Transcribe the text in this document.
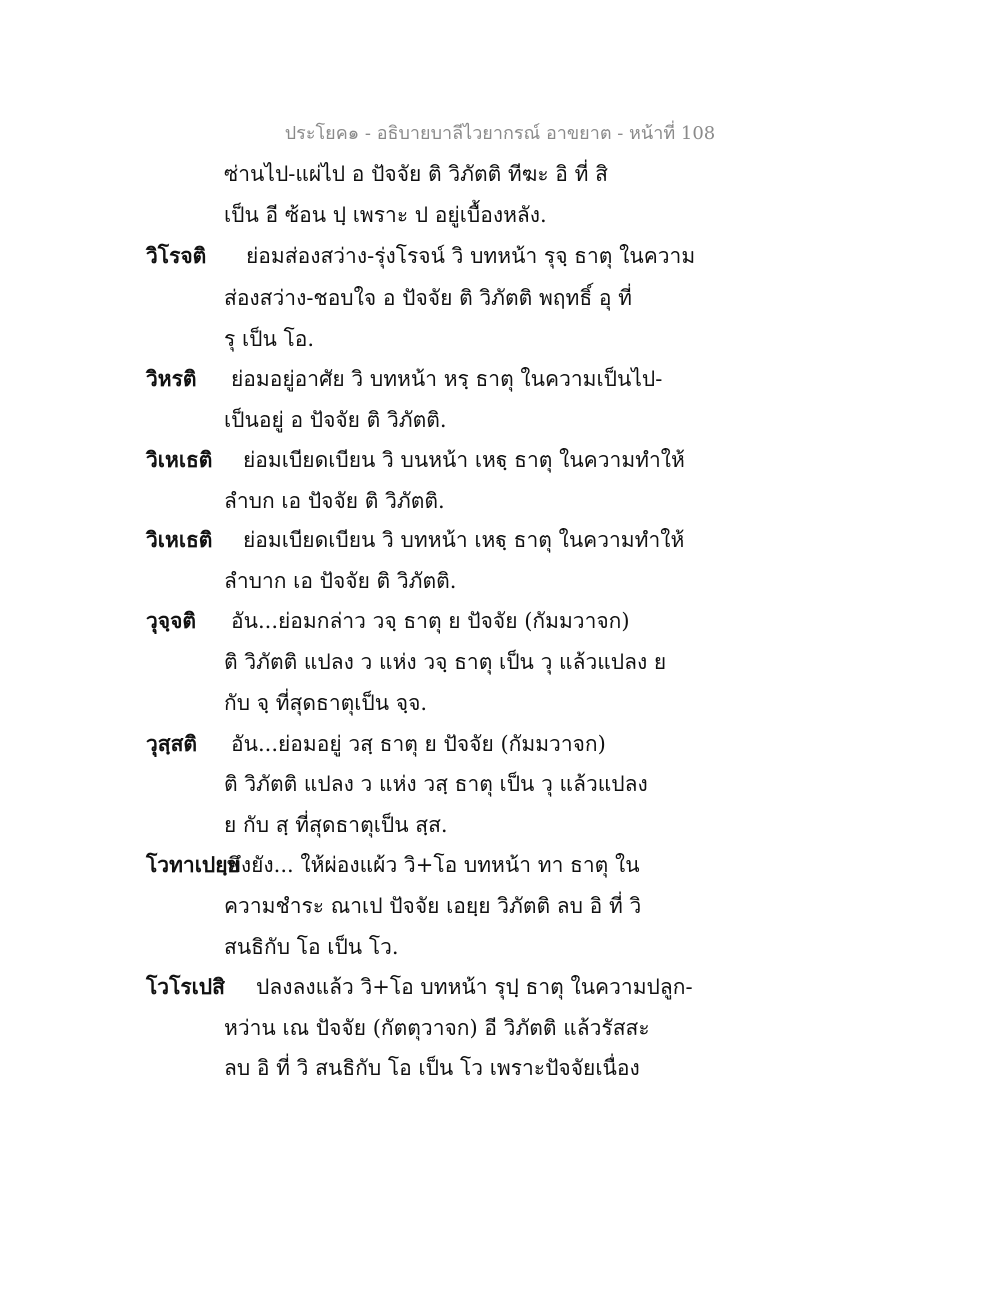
ประโยค๑ - อธิบายบาลีไวยากรณ์ อาขยาต - หน้าที่ 108
ซ่านไป-แผ่ไป อ ปัจจัย ติ วิภัตติ ทีฆะ อิ ที่ สิ
เป็น อี ซ้อน ปฺ เพราะ ป อยู่เบื้องหลัง.
วิโรจติ ย่อมส่องสว่าง-รุ่งโรจน์ วิ บทหน้า รุจฺ ธาตุ ในความ
ส่องสว่าง-ชอบใจ อ ปัจจัย ติ วิภัตติ พฤทธิ์ อุ ที่
รุ เป็น โอ.
วิหรติ ย่อมอยู่อาศัย วิ บทหน้า หรฺ ธาตุ ในความเป็นไป-
เป็นอยู่ อ ปัจจัย ติ วิภัตติ.
วิเหเธติ ย่อมเบียดเบียน วิ บนหน้า เหฐฺ ธาตุ ในความทำให้
ลำบก เอ ปัจจัย ติ วิภัตติ.
วิเหเธติ ย่อมเบียดเบียน วิ บทหน้า เหฐฺ ธาตุ ในความทำให้
ลำบาก เอ ปัจจัย ติ วิภัตติ.
วุจฺจติ อัน...ย่อมกล่าว วจฺ ธาตุ ย ปัจจัย (กัมมวาจก)
ติ วิภัตติ แปลง ว แห่ง วจฺ ธาตุ เป็น วุ แล้วแปลง ย
กับ จฺ ที่สุดธาตุเป็น จฺจ.
วุสฺสติ อัน...ย่อมอยู่ วสฺ ธาตุ ย ปัจจัย (กัมมวาจก)
ติ วิภัตติ แปลง ว แห่ง วสฺ ธาตุ เป็น วุ แล้วแปลง
ย กับ สฺ ที่สุดธาตุเป็น สฺส.
โวทาเปยฺย
พึงยัง... ให้ผ่องแผ้ว วิ+โอ บทหน้า ทา ธาตุ ใน
ความชำระ ณาเป ปัจจัย เอยฺย วิภัตติ ลบ อิ ที่ วิ
สนธิกับ โอ เป็น โว.
โวโรเปสิ ปลงลงแล้ว วิ+โอ บทหน้า รุปฺ ธาตุ ในความปลูก-
หว่าน เณ ปัจจัย (กัตตุวาจก) อี วิภัตติ แล้วรัสสะ
ลบ อิ ที่ วิ สนธิกับ โอ เป็น โว เพราะปัจจัยเนื่อง
